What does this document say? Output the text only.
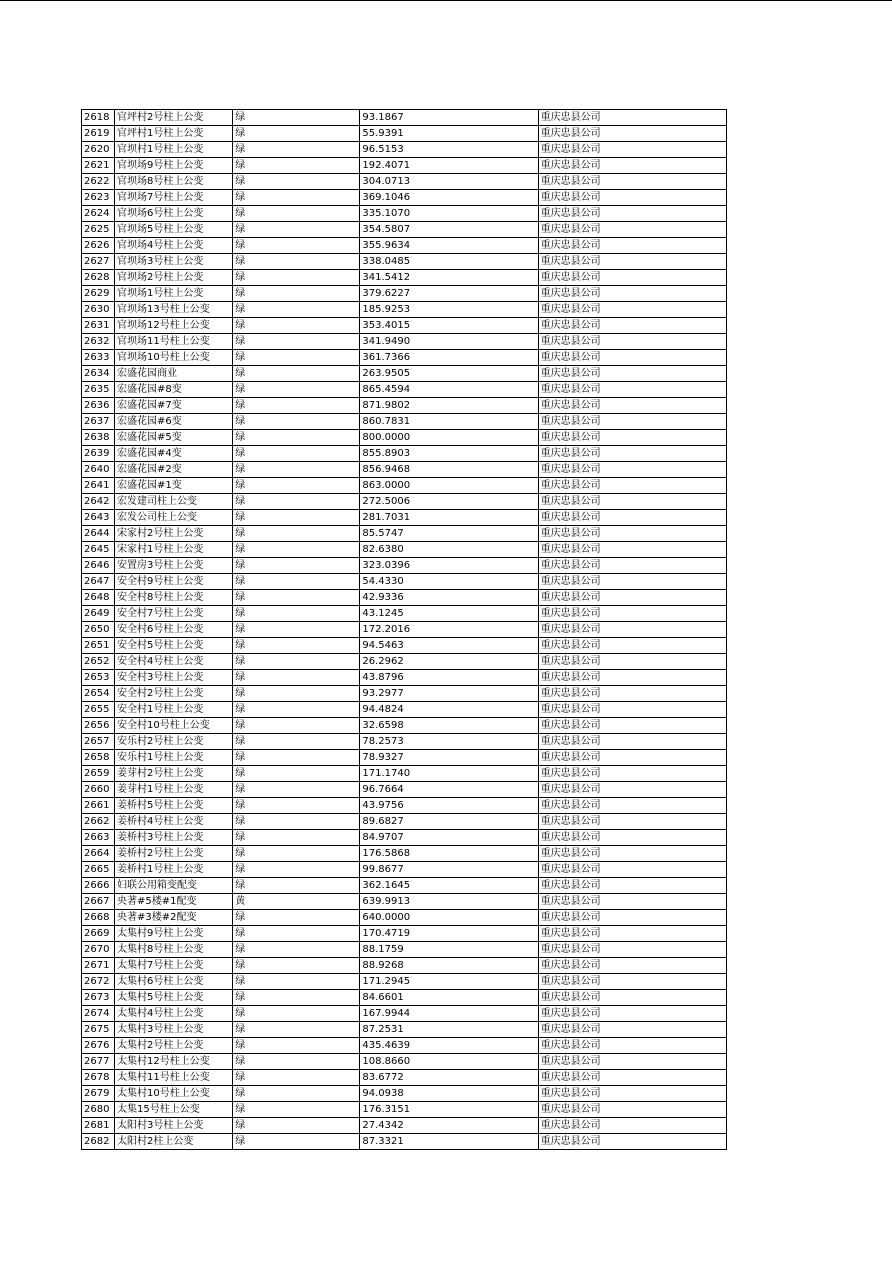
2618	官坪村2号柱上公变	绿	93.1867	重庆忠县公司
2619	官坪村1号柱上公变	绿	55.9391	重庆忠县公司
2620	官坝村1号柱上公变	绿	96.5153	重庆忠县公司
2621	官坝场9号柱上公变	绿	192.4071	重庆忠县公司
2622	官坝场8号柱上公变	绿	304.0713	重庆忠县公司
2623	官坝场7号柱上公变	绿	369.1046	重庆忠县公司
2624	官坝场6号柱上公变	绿	335.1070	重庆忠县公司
2625	官坝场5号柱上公变	绿	354.5807	重庆忠县公司
2626	官坝场4号柱上公变	绿	355.9634	重庆忠县公司
2627	官坝场3号柱上公变	绿	338.0485	重庆忠县公司
2628	官坝场2号柱上公变	绿	341.5412	重庆忠县公司
2629	官坝场1号柱上公变	绿	379.6227	重庆忠县公司
2630	官坝场13号柱上公变	绿	185.9253	重庆忠县公司
2631	官坝场12号柱上公变	绿	353.4015	重庆忠县公司
2632	官坝场11号柱上公变	绿	341.9490	重庆忠县公司
2633	官坝场10号柱上公变	绿	361.7366	重庆忠县公司
2634	宏盛花园商业	绿	263.9505	重庆忠县公司
2635	宏盛花园#8变	绿	865.4594	重庆忠县公司
2636	宏盛花园#7变	绿	871.9802	重庆忠县公司
2637	宏盛花园#6变	绿	860.7831	重庆忠县公司
2638	宏盛花园#5变	绿	800.0000	重庆忠县公司
2639	宏盛花园#4变	绿	855.8903	重庆忠县公司
2640	宏盛花园#2变	绿	856.9468	重庆忠县公司
2641	宏盛花园#1变	绿	863.0000	重庆忠县公司
2642	宏发建司柱上公变	绿	272.5006	重庆忠县公司
2643	宏发公司柱上公变	绿	281.7031	重庆忠县公司
2644	宋家村2号柱上公变	绿	85.5747	重庆忠县公司
2645	宋家村1号柱上公变	绿	82.6380	重庆忠县公司
2646	安置房3号柱上公变	绿	323.0396	重庆忠县公司
2647	安全村9号柱上公变	绿	54.4330	重庆忠县公司
2648	安全村8号柱上公变	绿	42.9336	重庆忠县公司
2649	安全村7号柱上公变	绿	43.1245	重庆忠县公司
2650	安全村6号柱上公变	绿	172.2016	重庆忠县公司
2651	安全村5号柱上公变	绿	94.5463	重庆忠县公司
2652	安全村4号柱上公变	绿	26.2962	重庆忠县公司
2653	安全村3号柱上公变	绿	43.8796	重庆忠县公司
2654	安全村2号柱上公变	绿	93.2977	重庆忠县公司
2655	安全村1号柱上公变	绿	94.4824	重庆忠县公司
2656	安全村10号柱上公变	绿	32.6598	重庆忠县公司
2657	安乐村2号柱上公变	绿	78.2573	重庆忠县公司
2658	安乐村1号柱上公变	绿	78.9327	重庆忠县公司
2659	姜芽村2号柱上公变	绿	171.1740	重庆忠县公司
2660	姜芽村1号柱上公变	绿	96.7664	重庆忠县公司
2661	姜桥村5号柱上公变	绿	43.9756	重庆忠县公司
2662	姜桥村4号柱上公变	绿	89.6827	重庆忠县公司
2663	姜桥村3号柱上公变	绿	84.9707	重庆忠县公司
2664	姜桥村2号柱上公变	绿	176.5868	重庆忠县公司
2665	姜桥村1号柱上公变	绿	99.8677	重庆忠县公司
2666	妇联公用箱变配变	绿	362.1645	重庆忠县公司
2667	央著#5楼#1配变	黄	639.9913	重庆忠县公司
2668	央著#3楼#2配变	绿	640.0000	重庆忠县公司
2669	太集村9号柱上公变	绿	170.4719	重庆忠县公司
2670	太集村8号柱上公变	绿	88.1759	重庆忠县公司
2671	太集村7号柱上公变	绿	88.9268	重庆忠县公司
2672	太集村6号柱上公变	绿	171.2945	重庆忠县公司
2673	太集村5号柱上公变	绿	84.6601	重庆忠县公司
2674	太集村4号柱上公变	绿	167.9944	重庆忠县公司
2675	太集村3号柱上公变	绿	87.2531	重庆忠县公司
2676	太集村2号柱上公变	绿	435.4639	重庆忠县公司
2677	太集村12号柱上公变	绿	108.8660	重庆忠县公司
2678	太集村11号柱上公变	绿	83.6772	重庆忠县公司
2679	太集村10号柱上公变	绿	94.0938	重庆忠县公司
2680	太集15号柱上公变	绿	176.3151	重庆忠县公司
2681	太阳村3号柱上公变	绿	27.4342	重庆忠县公司
2682	太阳村2柱上公变	绿	87.3321	重庆忠县公司
